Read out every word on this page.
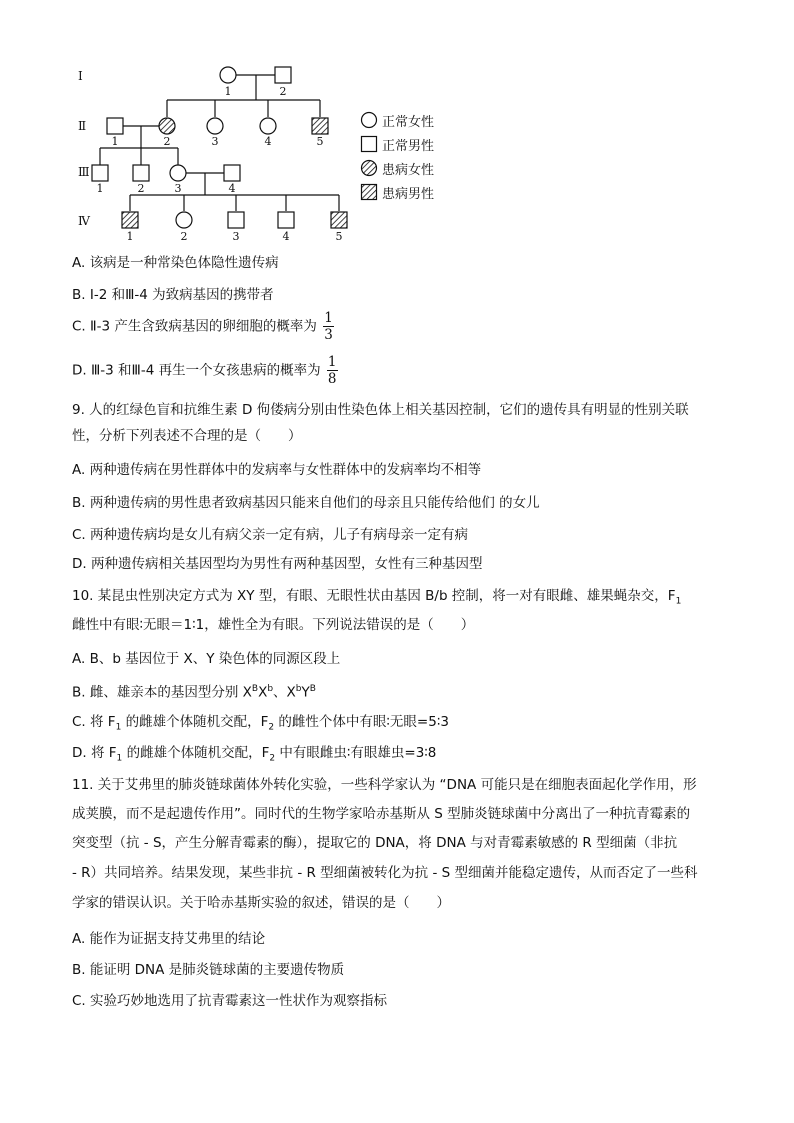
Ⅰ
Ⅱ
Ⅲ
Ⅳ
1	2
1	2	3	4	5
1	2	3	4
1	2	3	4	5
正常女性
正常男性
患病女性
患病男性
A. 该病是一种常染色体隐性遗传病
B. Ⅰ-2 和Ⅲ-4 为致病基因的携带者
C. Ⅱ-3 产生含致病基因的卵细胞的概率为 $\frac{1}{3}$
D. Ⅲ-3 和Ⅲ-4 再生一个女孩患病的概率为 $\frac{1}{8}$
9. 人的红绿色盲和抗维生素 D 佝偻病分别由性染色体上相关基因控制，它们的遗传具有明显的性别关联
性，分析下列表述不合理的是（　　）
A. 两种遗传病在男性群体中的发病率与女性群体中的发病率均不相等
B. 两种遗传病的男性患者致病基因只能来自他们的母亲且只能传给他们 的女儿
C. 两种遗传病均是女儿有病父亲一定有病，儿子有病母亲一定有病
D. 两种遗传病相关基因型均为男性有两种基因型，女性有三种基因型
10. 某昆虫性别决定方式为 XY 型，有眼、无眼性状由基因 B/b 控制，将一对有眼雌、雄果蝇杂交，$F_1$
雌性中有眼∶无眼＝1∶1，雄性全为有眼。下列说法错误的是（　　）
A. B、b 基因位于 X、Y 染色体的同源区段上
B. 雌、雄亲本的基因型分别 $X^BX^b$、$X^bY^B$
C. 将 $F_1$ 的雌雄个体随机交配，$F_2$ 的雌性个体中有眼∶无眼=5∶3
D. 将 $F_1$ 的雌雄个体随机交配，$F_2$ 中有眼雌虫∶有眼雄虫=3∶8
11. 关于艾弗里的肺炎链球菌体外转化实验，一些科学家认为 “DNA 可能只是在细胞表面起化学作用，形
成荚膜，而不是起遗传作用”。同时代的生物学家哈赤基斯从 S 型肺炎链球菌中分离出了一种抗青霉素的
突变型（抗 - S，产生分解青霉素的酶），提取它的 DNA，将 DNA 与对青霉素敏感的 R 型细菌（非抗
- R）共同培养。结果发现，某些非抗 - R 型细菌被转化为抗 - S 型细菌并能稳定遗传，从而否定了一些科
学家的错误认识。关于哈赤基斯实验的叙述，错误的是（　　）
A. 能作为证据支持艾弗里的结论
B. 能证明 DNA 是肺炎链球菌的主要遗传物质
C. 实验巧妙地选用了抗青霉素这一性状作为观察指标
